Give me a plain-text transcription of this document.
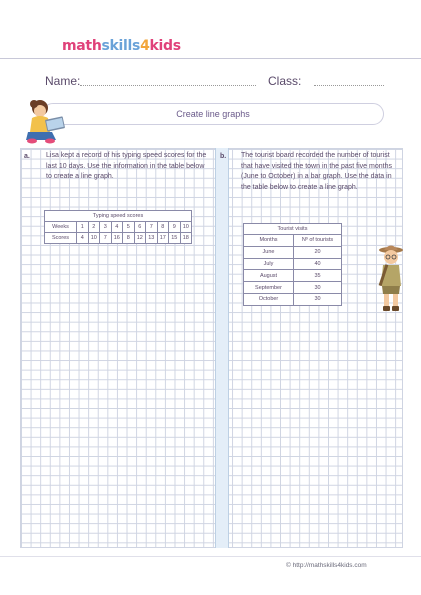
mathskills4kids
Name:	Class:
Create line graphs
a. Lisa kept a record of his typing speed scores for the last 10 days. Use the information in the table below to create a line graph.
Typing speed scores										
Weeks	1	2	3	4	5	6	7	8	9	10
Scores	4	10	7	16	8	12	13	17	15	18
b. The tourist board recorded the number of tourist that have visited the town in the past five months (June to October) in a bar graph. Use the data in the table below to create a line graph.
Tourist visits	
Months	Nº of tourists
June	20
July	40
August	35
September	30
October	30
© http://mathskills4kids.com
